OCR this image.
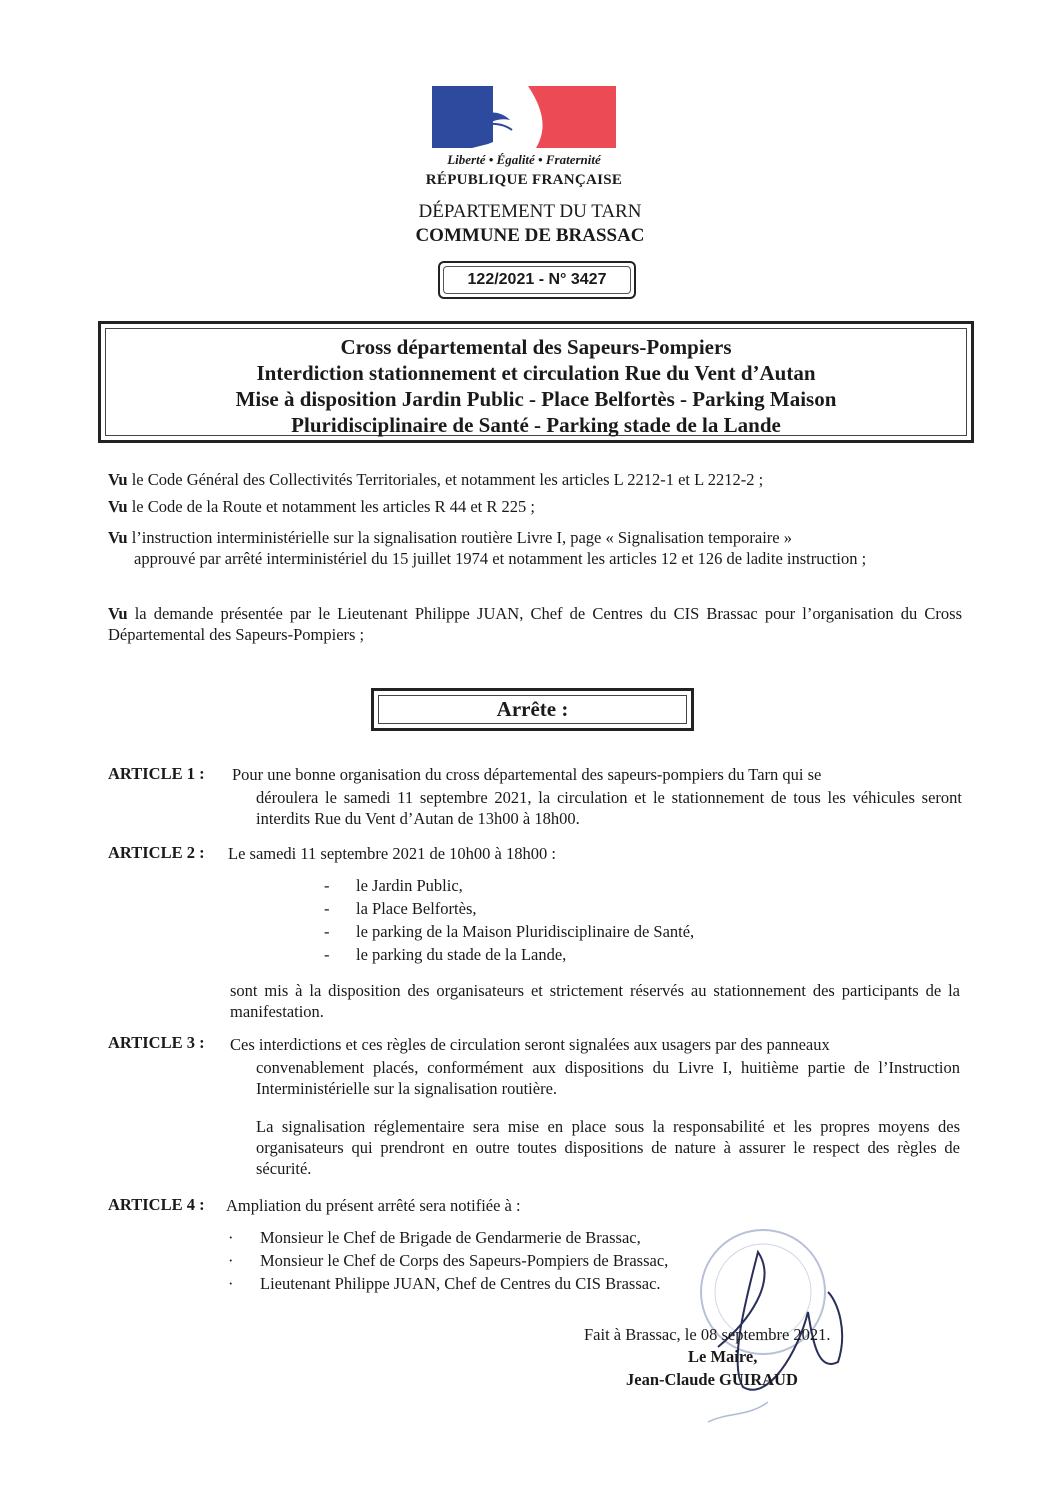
Liberté • Égalité • Fraternité
RÉPUBLIQUE FRANÇAISE
DÉPARTEMENT DU TARN
COMMUNE DE BRASSAC
122/2021 - N° 3427
Cross départemental des Sapeurs-Pompiers
Interdiction stationnement et circulation Rue du Vent d’Autan
Mise à disposition Jardin Public - Place Belfortès - Parking Maison
Pluridisciplinaire de Santé - Parking stade de la Lande
Vu le Code Général des Collectivités Territoriales, et notamment les articles L 2212-1 et L 2212-2 ;
Vu le Code de la Route et notamment les articles R 44 et R 225 ;
Vu l’instruction interministérielle sur la signalisation routière Livre I, page « Signalisation temporaire »
approuvé par arrêté interministériel du 15 juillet 1974 et notamment les articles 12 et 126 de ladite instruction ;
Vu la demande présentée par le Lieutenant Philippe JUAN, Chef de Centres du CIS Brassac pour l’organisation du Cross Départemental des Sapeurs-Pompiers ;
Arrête :
ARTICLE 1 : Pour une bonne organisation du cross départemental des sapeurs-pompiers du Tarn qui se
déroulera le samedi 11 septembre 2021, la circulation et le stationnement de tous les véhicules seront interdits Rue du Vent d’Autan de 13h00 à 18h00.
ARTICLE 2 : Le samedi 11 septembre 2021 de 10h00 à 18h00 :
- le Jardin Public,
- la Place Belfortès,
- le parking de la Maison Pluridisciplinaire de Santé,
- le parking du stade de la Lande,
sont mis à la disposition des organisateurs et strictement réservés au stationnement des participants de la manifestation.
ARTICLE 3 : Ces interdictions et ces règles de circulation seront signalées aux usagers par des panneaux
convenablement placés, conformément aux dispositions du Livre I, huitième partie de l’Instruction Interministérielle sur la signalisation routière.
La signalisation réglementaire sera mise en place sous la responsabilité et les propres moyens des organisateurs qui prendront en outre toutes dispositions de nature à assurer le respect des règles de sécurité.
ARTICLE 4 : Ampliation du présent arrêté sera notifiée à :
· Monsieur le Chef de Brigade de Gendarmerie de Brassac,
· Monsieur le Chef de Corps des Sapeurs-Pompiers de Brassac,
· Lieutenant Philippe JUAN, Chef de Centres du CIS Brassac.
Fait à Brassac, le 08 septembre 2021.
Le Maire,
Jean-Claude GUIRAUD
